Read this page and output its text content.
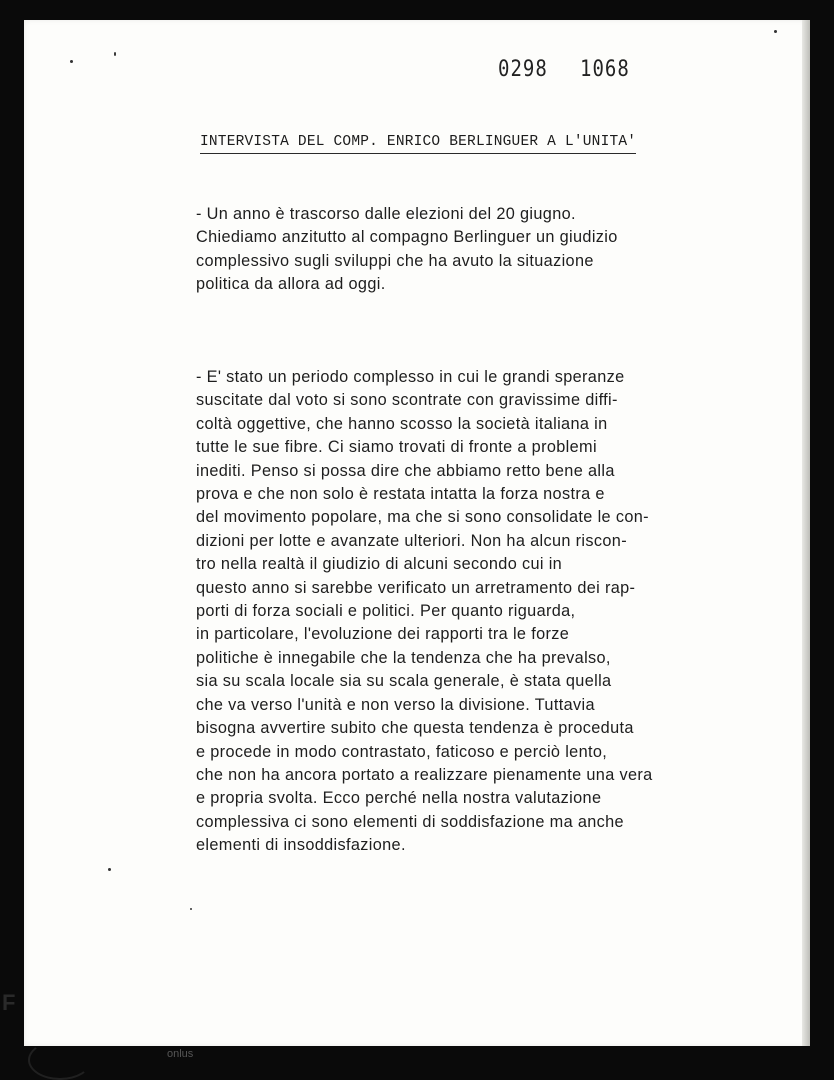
0298 1068
INTERVISTA DEL COMP. ENRICO BERLINGUER A L'UNITA'

- Un anno è trascorso dalle elezioni del 20 giugno.
Chiediamo anzitutto al compagno Berlinguer un giudizio
complessivo sugli sviluppi che ha avuto la situazione
politica da allora ad oggi.

- E' stato un periodo complesso in cui le grandi speranze
suscitate dal voto si sono scontrate con gravissime diffi-
coltà oggettive, che hanno scosso la società italiana in
tutte le sue fibre. Ci siamo trovati di fronte a problemi
inediti. Penso si possa dire che abbiamo retto bene alla
prova e che non solo è restata intatta la forza nostra e
del movimento popolare, ma che si sono consolidate le con-
dizioni per lotte e avanzate ulteriori. Non ha alcun riscon-
tro nella realtà il giudizio di alcuni secondo cui in
questo anno si sarebbe verificato un arretramento dei rap-
porti di forza sociali e politici. Per quanto riguarda,
in particolare, l'evoluzione dei rapporti tra le forze
politiche è innegabile che la tendenza che ha prevalso,
sia su scala locale sia su scala generale, è stata quella
che va verso l'unità e non verso la divisione. Tuttavia
bisogna avvertire subito che questa tendenza è proceduta
e procede in modo contrastato, faticoso e perciò lento,
che non ha ancora portato a realizzare pienamente una vera
e propria svolta. Ecco perché nella nostra valutazione
complessiva ci sono elementi di soddisfazione ma anche
elementi di insoddisfazione.

F
onlus
